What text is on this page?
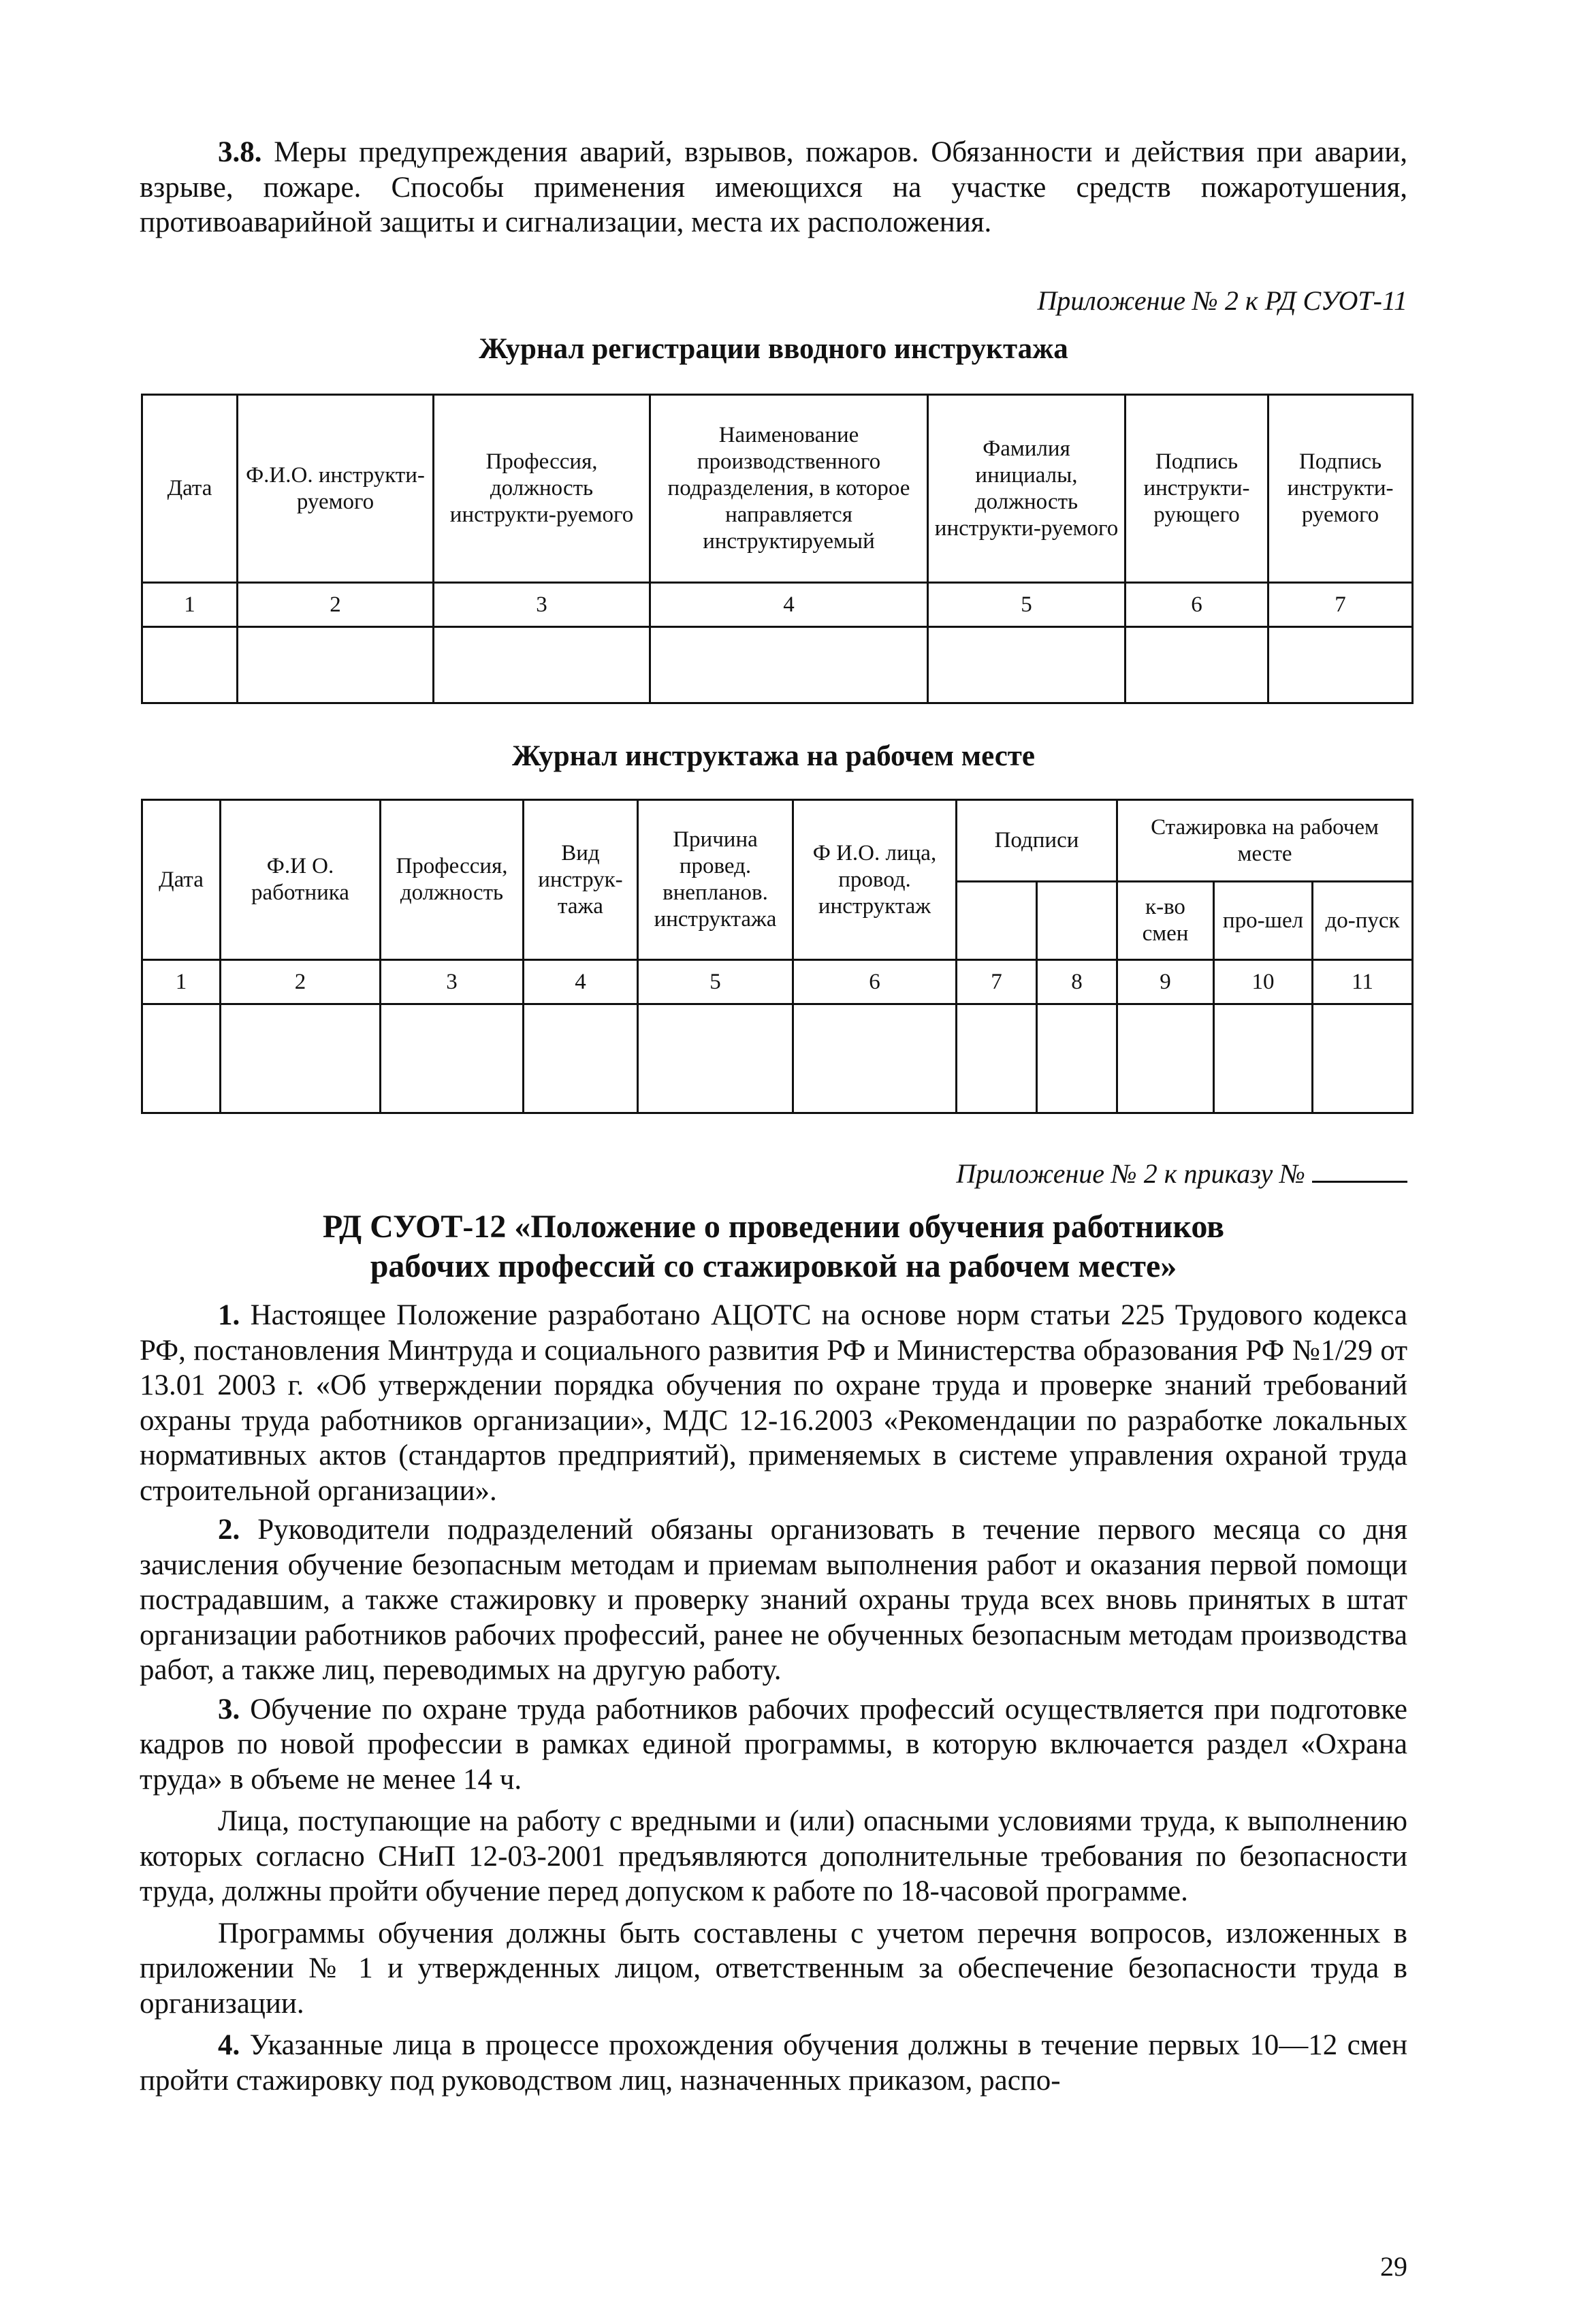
3.8. Меры предупреждения аварий, взрывов, пожаров. Обязанности и действия при аварии, взрыве, пожаре. Способы применения имеющихся на участке средств пожаротушения, противоаварийной защиты и сигнализации, места их расположения.

Приложение № 2 к РД СУОТ-11
Журнал регистрации вводного инструктажа
Дата	Ф.И.О. инструкти-руемого	Профессия, должность инструкти-руемого	Наименование производственного подразделения, в которое направляется инструктируемый	Фамилия инициалы, должность инструкти-руемого	Подпись инструкти-рующего	Подпись инструкти-руемого
1	2	3	4	5	6	7

Журнал инструктажа на рабочем месте
Дата	Ф.И О. работника	Профессия, должность	Вид инструк-тажа	Причина провед. внепланов. инструктажа	Ф И.О. лица, провод. инструктаж	Подписи		Стажировка на рабочем месте		
								к-во смен	про-шел	до-пуск
1	2	3	4	5	6	7	8	9	10	11

Приложение № 2 к приказу №
РД СУОТ-12 «Положение о проведении обучения работников
рабочих профессий со стажировкой на рабочем месте»

1. Настоящее Положение разработано АЦОТС на основе норм статьи 225 Трудового кодекса РФ, постановления Минтруда и социального развития РФ и Министерства образования РФ №1/29 от 13.01 2003 г. «Об утверждении порядка обучения по охране труда и проверке знаний требований охраны труда работников организации», МДС 12-16.2003 «Рекомендации по разработке локальных нормативных актов (стандартов предприятий), применяемых в системе управления охраной труда строительной организации».

2. Руководители подразделений обязаны организовать в течение первого месяца со дня зачисления обучение безопасным методам и приемам выполнения работ и оказания первой помощи пострадавшим, а также стажировку и проверку знаний охраны труда всех вновь принятых в штат организации работников рабочих профессий, ранее не обученных безопасным методам производства работ, а также лиц, переводимых на другую работу.

3. Обучение по охране труда работников рабочих профессий осуществляется при подготовке кадров по новой профессии в рамках единой программы, в которую включается раздел «Охрана труда» в объеме не менее 14 ч.

Лица, поступающие на работу с вредными и (или) опасными условиями труда, к выполнению которых согласно СНиП 12-03-2001 предъявляются дополнительные требования по безопасности труда, должны пройти обучение перед допуском к работе по 18-часовой программе.

Программы обучения должны быть составлены с учетом перечня вопросов, изложенных в приложении № 1 и утвержденных лицом, ответственным за обеспечение безопасности труда в организации.

4. Указанные лица в процессе прохождения обучения должны в течение первых 10—12 смен пройти стажировку под руководством лиц, назначенных приказом, распо-

29
